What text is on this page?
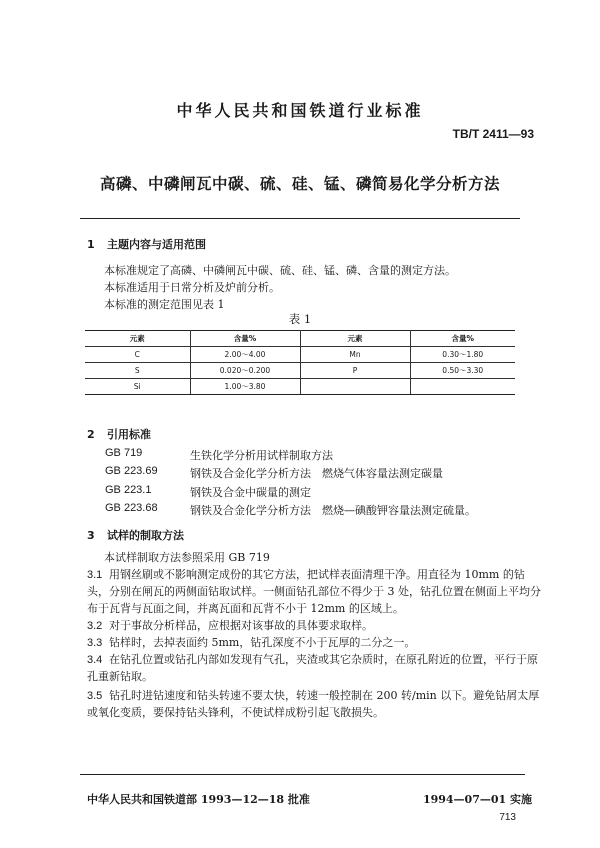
中华人民共和国铁道行业标准
TB/T 2411—93
高磷、中磷闸瓦中碳、硫、硅、锰、磷简易化学分析方法
1 主题内容与适用范围
本标准规定了高磷、中磷闸瓦中碳、硫、硅、锰、磷、含量的测定方法。
本标准适用于日常分析及炉前分析。
本标准的测定范围见表 1
表 1
元素	含量%	元素	含量%
C	2.00～4.00	Mn	0.30～1.80
S	0.020～0.200	P	0.50～3.30
Si	1.00～3.80		
2 引用标准
GB 719	生铁化学分析用试样制取方法
GB 223.69	钢铁及合金化学分析方法　燃烧气体容量法测定碳量
GB 223.1	钢铁及合金中碳量的测定
GB 223.68	钢铁及合金化学分析方法　燃烧—碘酸钾容量法测定硫量。
3 试样的制取方法
本试样制取方法参照采用 GB 719
3.1 用钢丝刷或不影响测定成份的其它方法，把试样表面清理干净。用直径为 10mm 的钻
头，分别在闸瓦的两侧面钻取试样。一侧面钻孔部位不得少于 3 处，钻孔位置在侧面上平均分
布于瓦背与瓦面之间，并离瓦面和瓦背不小于 12mm 的区域上。
3.2 对于事故分析样品，应根据对该事故的具体要求取样。
3.3 钻样时，去掉表面约 5mm，钻孔深度不小于瓦厚的二分之一。
3.4 在钻孔位置或钻孔内部如发现有气孔，夹渣或其它杂质时，在原孔附近的位置，平行于原
孔重新钻取。
3.5 钻孔时进钻速度和钻头转速不要太快，转速一般控制在 200 转/min 以下。避免钻屑太厚
或氧化变质，要保持钻头锋利，不使试样成粉引起飞散损失。
中华人民共和国铁道部 1993—12—18 批准	1994—07—01 实施
713
